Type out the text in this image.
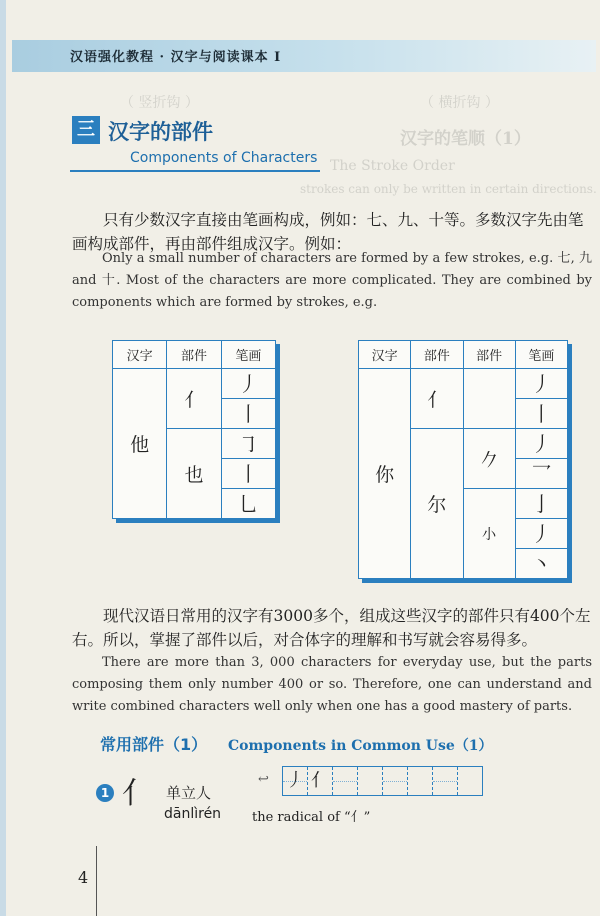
汉语强化教程 · 汉字与阅读课本 I
（ 竖折钩 ）	（ 横折钩 ）
汉字的笔顺（1）
The Stroke Order
strokes can only be written in certain directions.
三 汉字的部件
Components of Characters
只有少数汉字直接由笔画构成，例如：七、九、十等。多数汉字先由笔画构成部件，再由部件组成汉字。例如：
Only a small number of characters are formed by a few strokes, e.g. 七, 九 and 十. Most of the characters are more complicated. They are combined by components which are formed by strokes, e.g.
汉字	部件	笔画
他	亻	丿
		丨
	也	㇆
		丨
		乚
汉字	部件	部件	笔画
你	亻		丿
			丨
	尔	𠂊	丿
			乛
		小	亅
			丿
			丶
现代汉语日常用的汉字有3000多个，组成这些汉字的部件只有400个左右。所以，掌握了部件以后，对合体字的理解和书写就会容易得多。
There are more than 3, 000 characters for everyday use, but the parts composing them only number 400 or so. Therefore, one can understand and write combined characters well only when one has a good mastery of parts.
常用部件（1） Components in Common Use（1）
1 亻 单立人
dānlìrén the radical of “亻”
↩ 丿 亻
4
